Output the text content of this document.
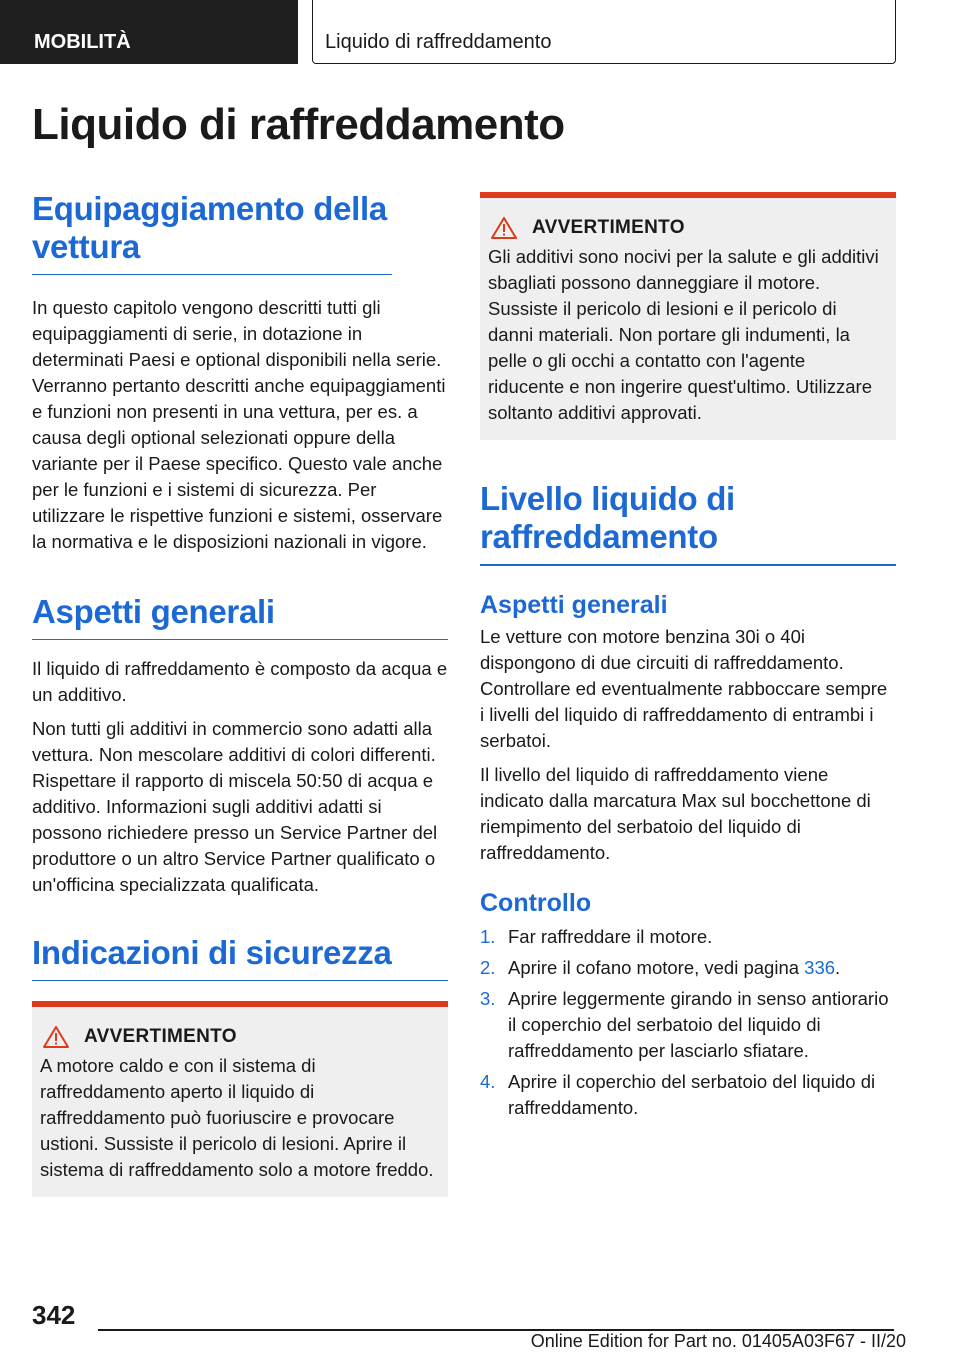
MOBILITÀ	Liquido di raffreddamento
Liquido di raffreddamento
Equipaggiamento della vettura

In questo capitolo vengono descritti tutti gli equipaggiamenti di serie, in dotazione in determinati Paesi e optional disponibili nella serie. Verranno pertanto descritti anche equipaggiamenti e funzioni non presenti in una vettura, per es. a causa degli optional selezionati oppure della variante per il Paese specifico. Questo vale anche per le funzioni e i sistemi di sicurezza. Per utilizzare le rispettive funzioni e sistemi, osservare la normativa e le disposizioni nazionali in vigore.

Aspetti generali

Il liquido di raffreddamento è composto da acqua e un additivo.

Non tutti gli additivi in commercio sono adatti alla vettura. Non mescolare additivi di colori differenti. Rispettare il rapporto di miscela 50:50 di acqua e additivo. Informazioni sugli additivi adatti si possono richiedere presso un Service Partner del produttore o un altro Service Partner qualificato o un'officina specializzata qualificata.

Indicazioni di sicurezza
AVVERTIMENTO
A motore caldo e con il sistema di raffreddamento aperto il liquido di raffreddamento può fuoriuscire e provocare ustioni. Sussiste il pericolo di lesioni. Aprire il sistema di raffreddamento solo a motore freddo.
AVVERTIMENTO
Gli additivi sono nocivi per la salute e gli additivi sbagliati possono danneggiare il motore. Sussiste il pericolo di lesioni e il pericolo di danni materiali. Non portare gli indumenti, la pelle o gli occhi a contatto con l'agente riducente e non ingerire quest'ultimo. Utilizzare soltanto additivi approvati.
Livello liquido di raffreddamento
Aspetti generali

Le vetture con motore benzina 30i o 40i dispongono di due circuiti di raffreddamento. Controllare ed eventualmente rabboccare sempre i livelli del liquido di raffreddamento di entrambi i serbatoi.

Il livello del liquido di raffreddamento viene indicato dalla marcatura Max sul bocchettone di riempimento del serbatoio del liquido di raffreddamento.

Controllo
1. Far raffreddare il motore.
2. Aprire il cofano motore, vedi pagina 336.
3. Aprire leggermente girando in senso antiorario il coperchio del serbatoio del liquido di raffreddamento per lasciarlo sfiatare.
4. Aprire il coperchio del serbatoio del liquido di raffreddamento.
342
Online Edition for Part no. 01405A03F67 - II/20
